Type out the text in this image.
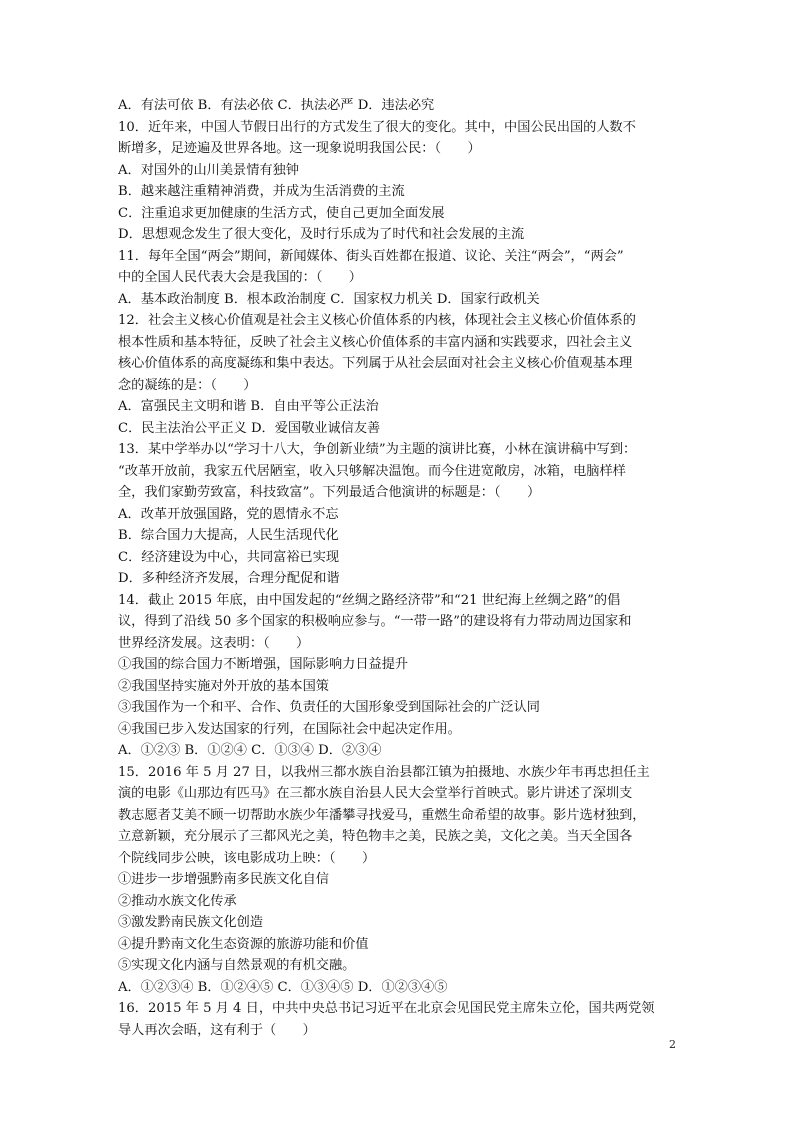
A．有法可依 B．有法必依 C．执法必严 D．违法必究
10．近年来，中国人节假日出行的方式发生了很大的变化。其中，中国公民出国的人数不
断增多，足迹遍及世界各地。这一现象说明我国公民：（　　）
A．对国外的山川美景情有独钟
B．越来越注重精神消费，并成为生活消费的主流
C．注重追求更加健康的生活方式，使自己更加全面发展
D．思想观念发生了很大变化，及时行乐成为了时代和社会发展的主流
11．每年全国“两会”期间，新闻媒体、街头百姓都在报道、议论、关注“两会”，“两会”
中的全国人民代表大会是我国的：（　　）
A．基本政治制度 B．根本政治制度 C．国家权力机关 D．国家行政机关
12．社会主义核心价值观是社会主义核心价值体系的内核，体现社会主义核心价值体系的
根本性质和基本特征，反映了社会主义核心价值体系的丰富内涵和实践要求，四社会主义
核心价值体系的高度凝练和集中表达。下列属于从社会层面对社会主义核心价值观基本理
念的凝练的是：（　　）
A．富强民主文明和谐 B．自由平等公正法治
C．民主法治公平正义 D．爱国敬业诚信友善
13．某中学举办以“学习十八大，争创新业绩”为主题的演讲比赛，小林在演讲稿中写到：
“改革开放前，我家五代居陋室，收入只够解决温饱。而今住进宽敞房，冰箱，电脑样样
全，我们家勤劳致富，科技致富”。下列最适合他演讲的标题是：（　　）
A．改革开放强国路，党的恩情永不忘
B．综合国力大提高，人民生活现代化
C．经济建设为中心，共同富裕已实现
D．多种经济齐发展，合理分配促和谐
14．截止 2015 年底，由中国发起的“丝绸之路经济带”和“21 世纪海上丝绸之路”的倡
议，得到了沿线 50 多个国家的积极响应参与。“一带一路”的建设将有力带动周边国家和
世界经济发展。这表明：（　　）
①我国的综合国力不断增强，国际影响力日益提升
②我国坚持实施对外开放的基本国策
③我国作为一个和平、合作、负责任的大国形象受到国际社会的广泛认同
④我国已步入发达国家的行列，在国际社会中起决定作用。
A．①②③ B．①②④ C．①③④ D．②③④
15．2016 年 5 月 27 日，以我州三都水族自治县都江镇为拍摄地、水族少年韦再忠担任主
演的电影《山那边有匹马》在三都水族自治县人民大会堂举行首映式。影片讲述了深圳支
教志愿者艾美不顾一切帮助水族少年潘攀寻找爱马，重燃生命希望的故事。影片选材独到，
立意新颖，充分展示了三都风光之美，特色物丰之美，民族之美，文化之美。当天全国各
个院线同步公映，该电影成功上映：（　　）
①进步一步增强黔南多民族文化自信
②推动水族文化传承
③激发黔南民族文化创造
④提升黔南文化生态资源的旅游功能和价值
⑤实现文化内涵与自然景观的有机交融。
A．①②③④ B．①②④⑤ C．①③④⑤ D．①②③④⑤
16．2015 年 5 月 4 日，中共中央总书记习近平在北京会见国民党主席朱立伦，国共两党领
导人再次会晤，这有利于（　　）
2
